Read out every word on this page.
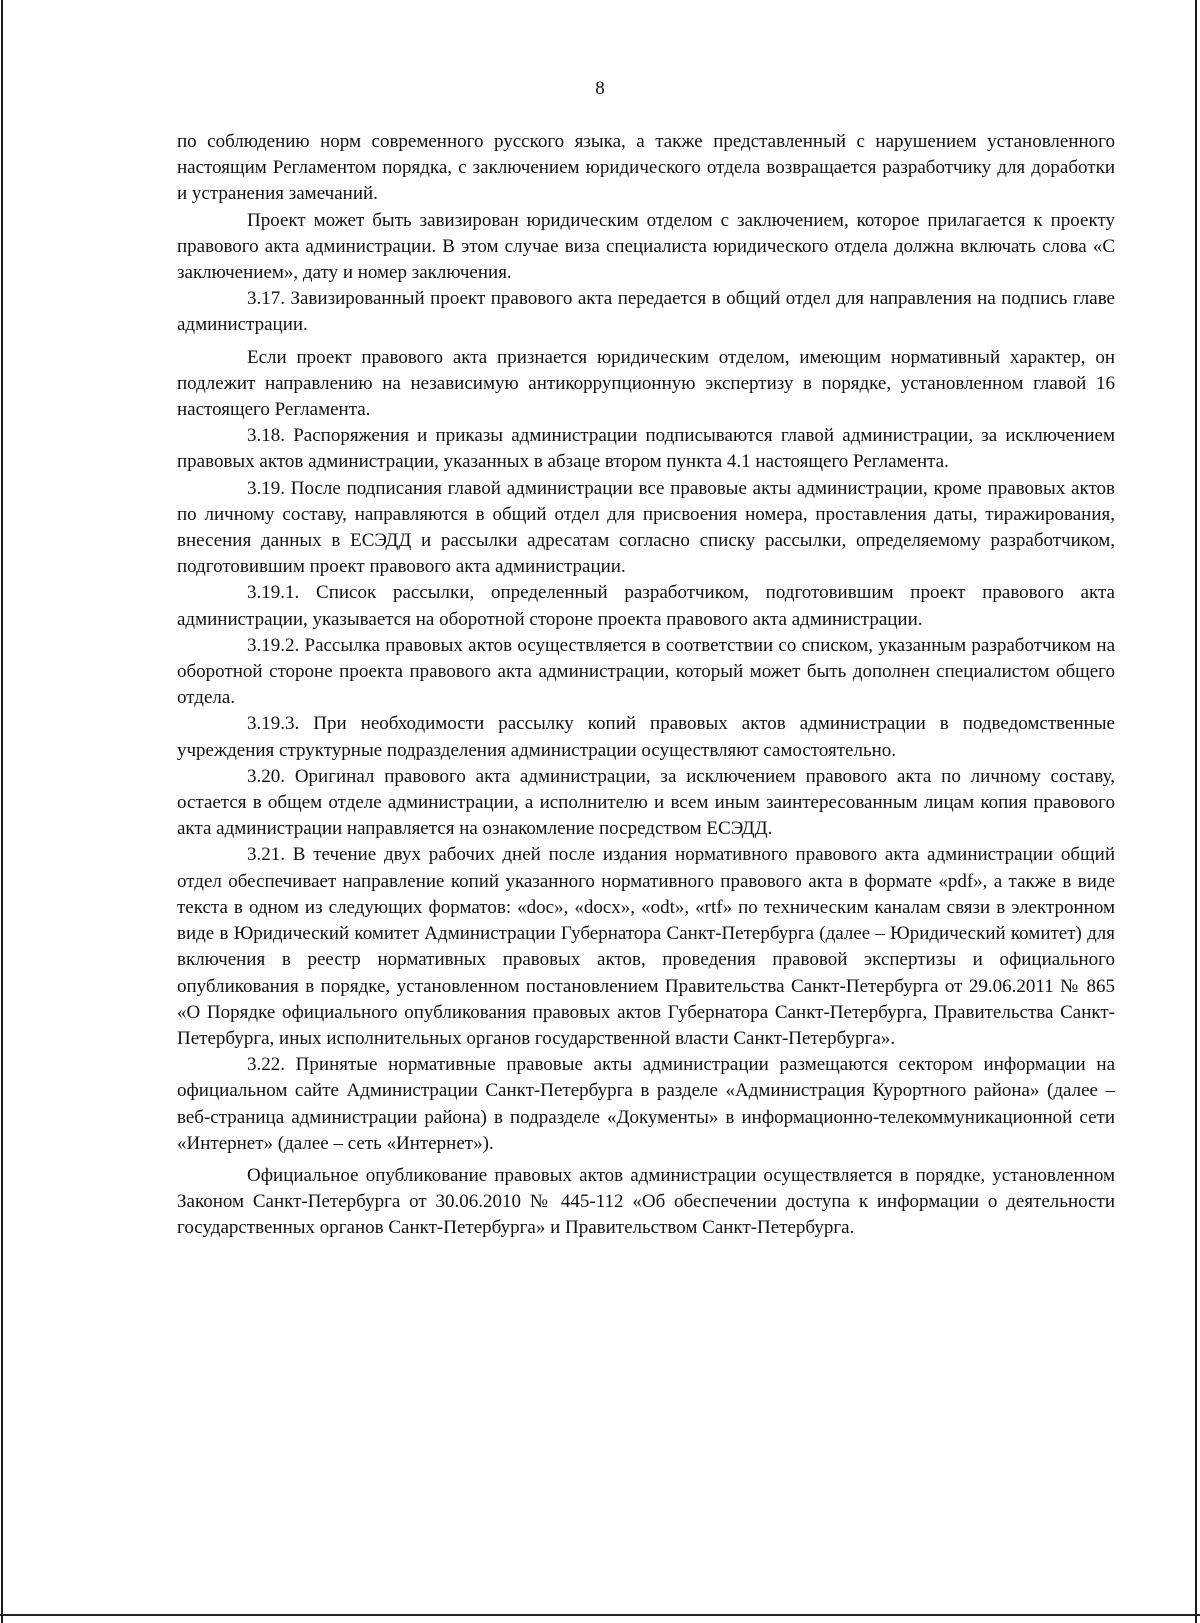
8

по соблюдению норм современного русского языка, а также представленный с нарушением установленного настоящим Регламентом порядка, с заключением юридического отдела возвращается разработчику для доработки и устранения замечаний.

Проект может быть завизирован юридическим отделом с заключением, которое прилагается к проекту правового акта администрации. В этом случае виза специалиста юридического отдела должна включать слова «С заключением», дату и номер заключения.

3.17. Завизированный проект правового акта передается в общий отдел для направления на подпись главе администрации.

Если проект правового акта признается юридическим отделом, имеющим нормативный характер, он подлежит направлению на независимую антикоррупционную экспертизу в порядке, установленном главой 16 настоящего Регламента.

3.18. Распоряжения и приказы администрации подписываются главой администрации, за исключением правовых актов администрации, указанных в абзаце втором пункта 4.1 настоящего Регламента.

3.19. После подписания главой администрации все правовые акты администрации, кроме правовых актов по личному составу, направляются в общий отдел для присвоения номера, проставления даты, тиражирования, внесения данных в ЕСЭДД и рассылки адресатам согласно списку рассылки, определяемому разработчиком, подготовившим проект правового акта администрации.

3.19.1. Список рассылки, определенный разработчиком, подготовившим проект правового акта администрации, указывается на оборотной стороне проекта правового акта администрации.

3.19.2. Рассылка правовых актов осуществляется в соответствии со списком, указанным разработчиком на оборотной стороне проекта правового акта администрации, который может быть дополнен специалистом общего отдела.

3.19.3. При необходимости рассылку копий правовых актов администрации в подведомственные учреждения структурные подразделения администрации осуществляют самостоятельно.

3.20. Оригинал правового акта администрации, за исключением правового акта по личному составу, остается в общем отделе администрации, а исполнителю и всем иным заинтересованным лицам копия правового акта администрации направляется на ознакомление посредством ЕСЭДД.

3.21. В течение двух рабочих дней после издания нормативного правового акта администрации общий отдел обеспечивает направление копий указанного нормативного правового акта в формате «pdf», а также в виде текста в одном из следующих форматов: «doc», «docx», «odt», «rtf» по техническим каналам связи в электронном виде в Юридический комитет Администрации Губернатора Санкт-Петербурга (далее – Юридический комитет) для включения в реестр нормативных правовых актов, проведения правовой экспертизы и официального опубликования в порядке, установленном постановлением Правительства Санкт-Петербурга от 29.06.2011 № 865 «О Порядке официального опубликования правовых актов Губернатора Санкт-Петербурга, Правительства Санкт-Петербурга, иных исполнительных органов государственной власти Санкт-Петербурга».

3.22. Принятые нормативные правовые акты администрации размещаются сектором информации на официальном сайте Администрации Санкт-Петербурга в разделе «Администрация Курортного района» (далее – веб-страница администрации района) в подразделе «Документы» в информационно-телекоммуникационной сети «Интернет» (далее – сеть «Интернет»).

Официальное опубликование правовых актов администрации осуществляется в порядке, установленном Законом Санкт-Петербурга от 30.06.2010 № 445-112 «Об обеспечении доступа к информации о деятельности государственных органов Санкт-Петербурга» и Правительством Санкт-Петербурга.
